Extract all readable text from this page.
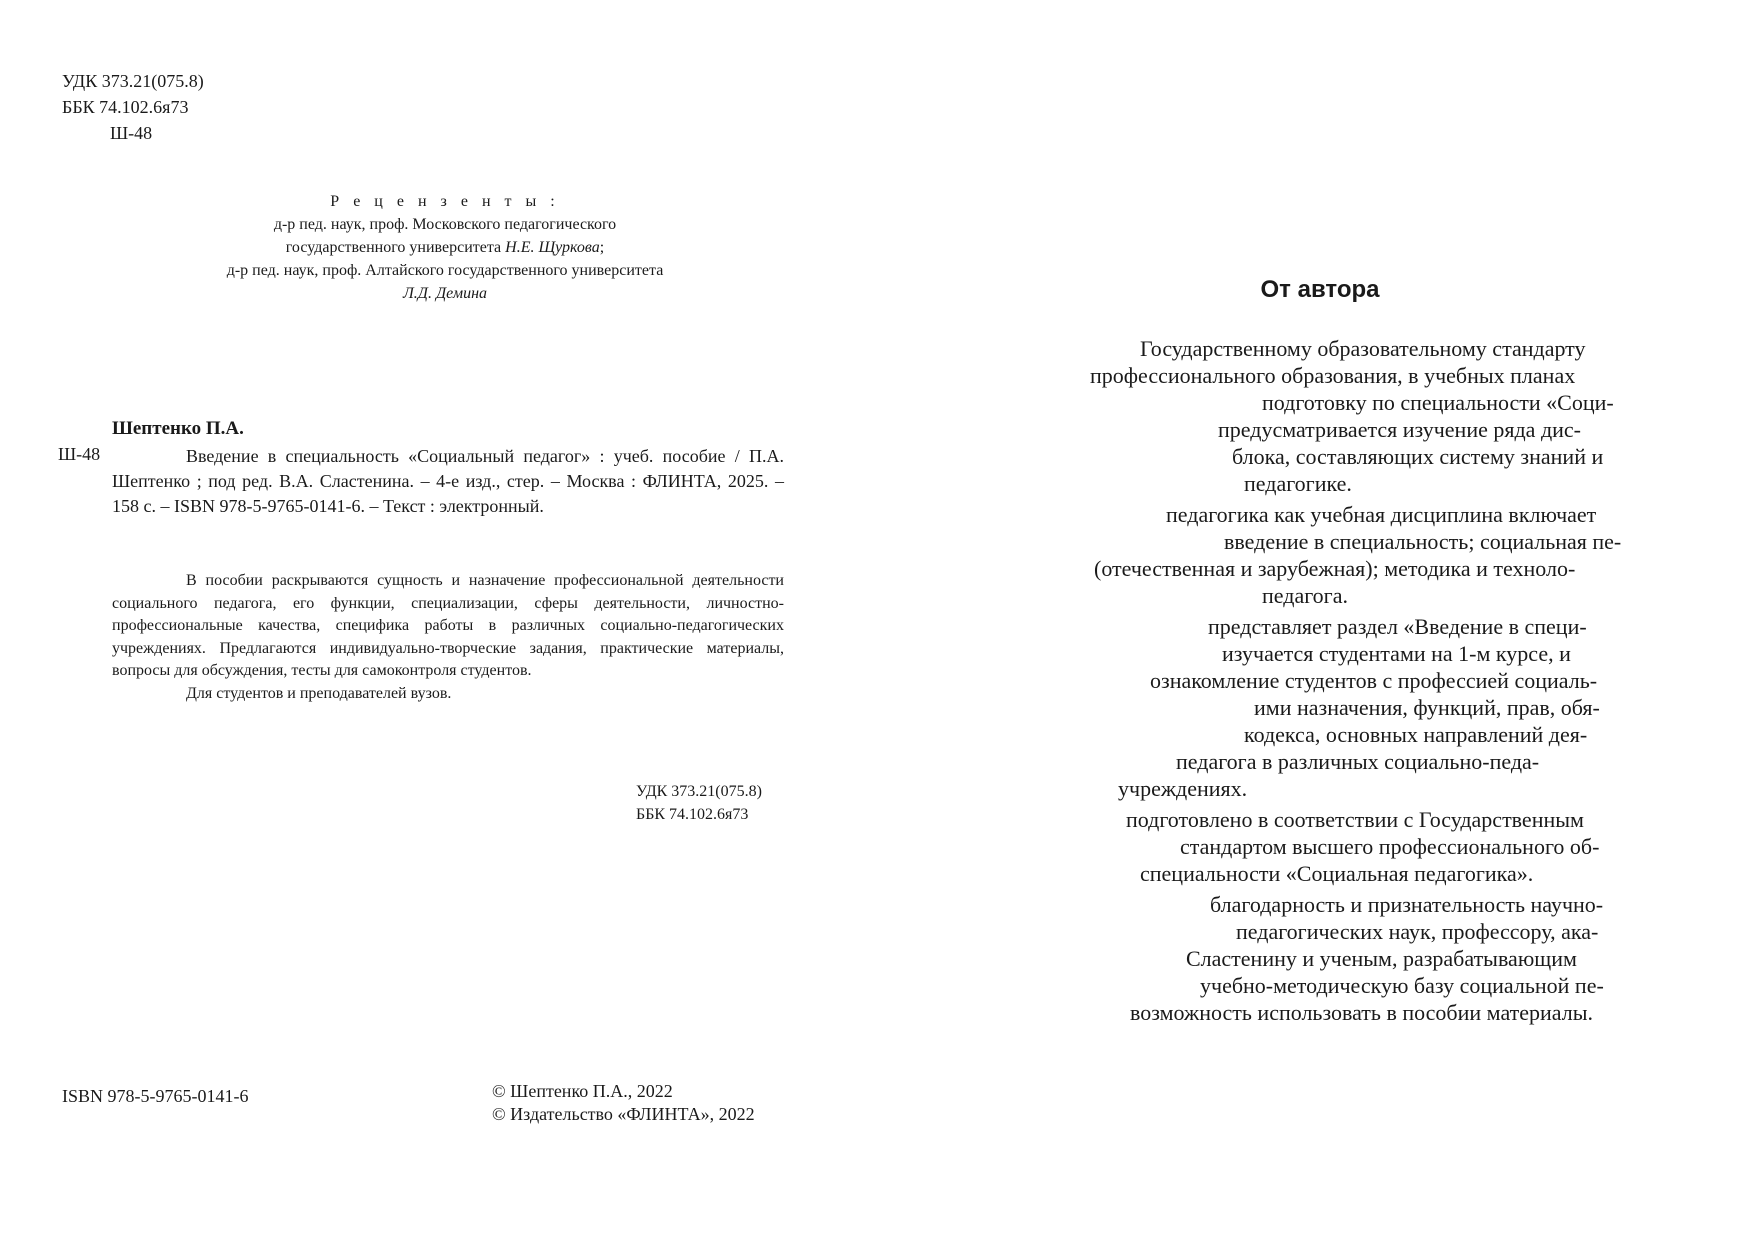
УДК 373.21(075.8)
ББК 74.102.6я73
Ш-48
Р е ц е н з е н т ы :
д-р пед. наук, проф. Московского педагогического
государственного университета Н.Е. Щуркова;
д-р пед. наук, проф. Алтайского государственного университета
Л.Д. Демина
Шептенко П.А.
Ш-48	Введение в специальность «Социальный педагог» : учеб. пособие / П.А. Шептенко ; под ред. В.А. Сластенина. – 4-е изд., стер. – Москва : ФЛИНТА, 2025. – 158 с. – ISBN 978-5-9765-0141-6. – Текст : электронный.

В пособии раскрываются сущность и назначение профессиональной деятельности социального педагога, его функции, специализации, сферы деятельности, личностно-профессиональные качества, специфика работы в различных социально-педагогических учреждениях. Предлагаются индивидуально-творческие задания, практические материалы, вопросы для обсуждения, тесты для самоконтроля студентов.

Для студентов и преподавателей вузов.

УДК 373.21(075.8)
ББК 74.102.6я73
ISBN 978-5-9765-0141-6	© Шептенко П.А., 2022
© Издательство «ФЛИНТА», 2022
От автора
Государственному образовательному стандарту
профессионального образования, в учебных планах
подготовку по специальности «Соци-
предусматривается изучение ряда дис-
блока, составляющих систему знаний и
педагогике.
педагогика как учебная дисциплина включает
введение в специальность; социальная пе-
(отечественная и зарубежная); методика и техноло-
педагога.
представляет раздел «Введение в специ-
изучается студентами на 1-м курсе, и
ознакомление студентов с профессией социаль-
ими назначения, функций, прав, обя-
кодекса, основных направлений дея-
педагога в различных социально-педа-
учреждениях.
подготовлено в соответствии с Государственным
стандартом высшего профессионального об-
специальности «Социальная педагогика».
благодарность и признательность научно-
педагогических наук, профессору, ака-
Сластенину и ученым, разрабатывающим
учебно-методическую базу социальной пе-
возможность использовать в пособии материалы.
